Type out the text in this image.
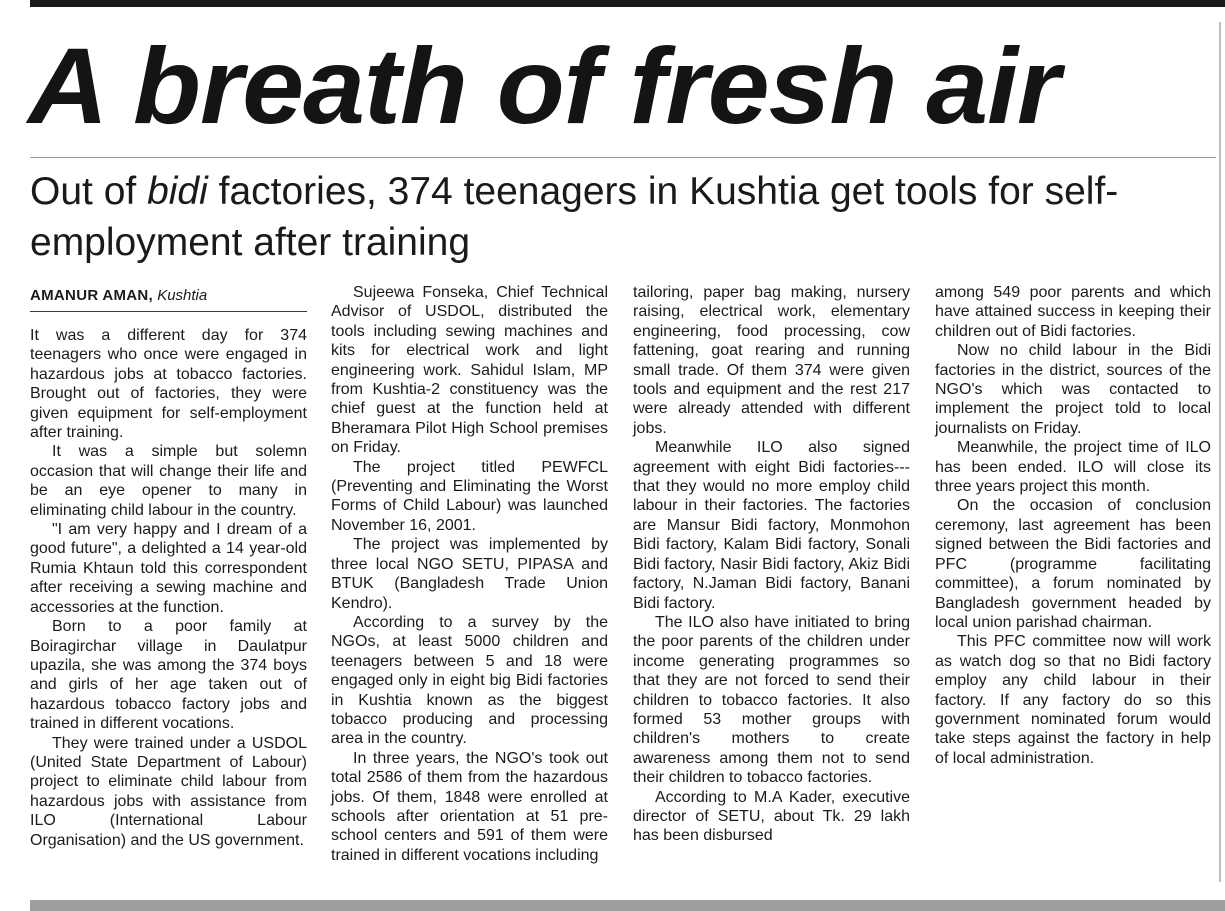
A breath of fresh air
Out of bidi factories, 374 teenagers in Kushtia get tools for self-employment after training
AMANUR AMAN, Kushtia

It was a different day for 374 teenagers who once were engaged in hazardous jobs at tobacco factories. Brought out of factories, they were given equipment for self-employment after training.

It was a simple but solemn occasion that will change their life and be an eye opener to many in eliminating child labour in the country.

"I am very happy and I dream of a good future", a delighted a 14 year-old Rumia Khtaun told this correspondent after receiving a sewing machine and accessories at the function.

Born to a poor family at Boiragirchar village in Daulatpur upazila, she was among the 374 boys and girls of her age taken out of hazardous tobacco factory jobs and trained in different vocations.

They were trained under a USDOL (United State Department of Labour) project to eliminate child labour from hazardous jobs with assistance from ILO (International Labour Organisation) and the US government.

Sujeewa Fonseka, Chief Technical Advisor of USDOL, distributed the tools including sewing machines and kits for electrical work and light engineering work. Sahidul Islam, MP from Kushtia-2 constituency was the chief guest at the function held at Bheramara Pilot High School premises on Friday.

The project titled PEWFCL (Preventing and Eliminating the Worst Forms of Child Labour) was launched November 16, 2001.

The project was implemented by three local NGO SETU, PIPASA and BTUK (Bangladesh Trade Union Kendro).

According to a survey by the NGOs, at least 5000 children and teenagers between 5 and 18 were engaged only in eight big Bidi factories in Kushtia known as the biggest tobacco producing and processing area in the country.

In three years, the NGO's took out total 2586 of them from the hazardous jobs. Of them, 1848 were enrolled at schools after orientation at 51 pre-school centers and 591 of them were trained in different vocations including

tailoring, paper bag making, nursery raising, electrical work, elementary engineering, food processing, cow fattening, goat rearing and running small trade. Of them 374 were given tools and equipment and the rest 217 were already attended with different jobs.

Meanwhile ILO also signed agreement with eight Bidi factories---that they would no more employ child labour in their factories. The factories are Mansur Bidi factory, Monmohon Bidi factory, Kalam Bidi factory, Sonali Bidi factory, Nasir Bidi factory, Akiz Bidi factory, N.Jaman Bidi factory, Banani Bidi factory.

The ILO also have initiated to bring the poor parents of the children under income generating programmes so that they are not forced to send their children to tobacco factories. It also formed 53 mother groups with children's mothers to create awareness among them not to send their children to tobacco factories.

According to M.A Kader, executive director of SETU, about Tk. 29 lakh has been disbursed

among 549 poor parents and which have attained success in keeping their children out of Bidi factories.

Now no child labour in the Bidi factories in the district, sources of the NGO's which was contacted to implement the project told to local journalists on Friday.

Meanwhile, the project time of ILO has been ended. ILO will close its three years project this month.

On the occasion of conclusion ceremony, last agreement has been signed between the Bidi factories and PFC (programme facilitating committee), a forum nominated by Bangladesh government headed by local union parishad chairman.

This PFC committee now will work as watch dog so that no Bidi factory employ any child labour in their factory. If any factory do so this government nominated forum would take steps against the factory in help of local administration.
